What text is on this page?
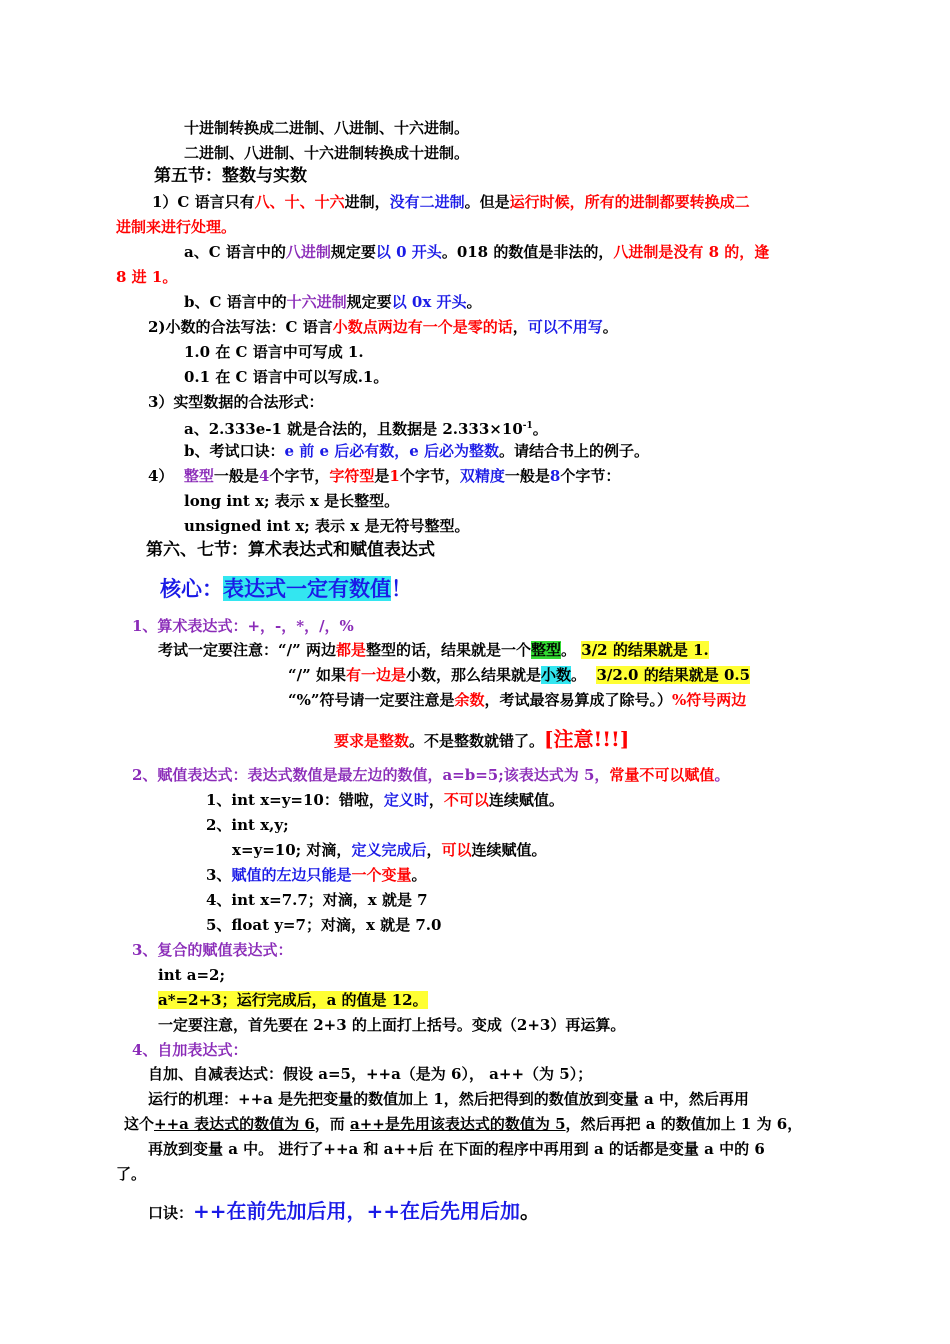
十进制转换成二进制、八进制、十六进制。
二进制、八进制、十六进制转换成十进制。
第五节：整数与实数
1）C 语言只有八、十、十六进制，没有二进制。但是运行时候，所有的进制都要转换成二
进制来进行处理。
a、C 语言中的八进制规定要以 0 开头。018 的数值是非法的，八进制是没有 8 的，逢
8 进 1。
b、C 语言中的十六进制规定要以 0x 开头。
2)小数的合法写法：C 语言小数点两边有一个是零的话，可以不用写。
1.0 在 C 语言中可写成 1.
0.1 在 C 语言中可以写成.1。
3）实型数据的合法形式：
a、2.333e-1 就是合法的，且数据是 $2.333\times 10^{-1}$。
b、考试口诀：e 前 e 后必有数，e 后必为整数。请结合书上的例子。
4） 整型一般是4个字节，字符型是1个字节，双精度一般是8个字节：
long int x; 表示 x 是长整型。
unsigned int x; 表示 x 是无符号整型。
第六、七节：算术表达式和赋值表达式
核心：表达式一定有数值！
1、算术表达式：+，-，*，/，%
考试一定要注意：“/” 两边都是整型的话，结果就是一个整型。 3/2 的结果就是 1.
“/” 如果有一边是小数，那么结果就是小数。 3/2.0 的结果就是 0.5
“%”符号请一定要注意是余数，考试最容易算成了除号。）%符号两边
要求是整数。不是整数就错了。[注意!!!]
2、赋值表达式：表达式数值是最左边的数值，a=b=5;该表达式为 5，常量不可以赋值。
1、int x=y=10：错啦，定义时，不可以连续赋值。
2、int x,y;
x=y=10; 对滴，定义完成后，可以连续赋值。
3、赋值的左边只能是一个变量。
4、int x=7.7；对滴，x 就是 7
5、float y=7；对滴，x 就是 7.0
3、复合的赋值表达式：
int a=2;
a*=2+3；运行完成后，a 的值是 12。
一定要注意，首先要在 2+3 的上面打上括号。变成（2+3）再运算。
4、自加表达式：
自加、自减表达式：假设 a=5，++a（是为 6）， a++（为 5）；
运行的机理：++a 是先把变量的数值加上 1，然后把得到的数值放到变量 a 中，然后再用
这个++a 表达式的数值为 6，而 a++是先用该表达式的数值为 5，然后再把 a 的数值加上 1 为 6，
再放到变量 a 中。 进行了++a 和 a++后 在下面的程序中再用到 a 的话都是变量 a 中的 6
了。
口诀：++在前先加后用，++在后先用后加。
